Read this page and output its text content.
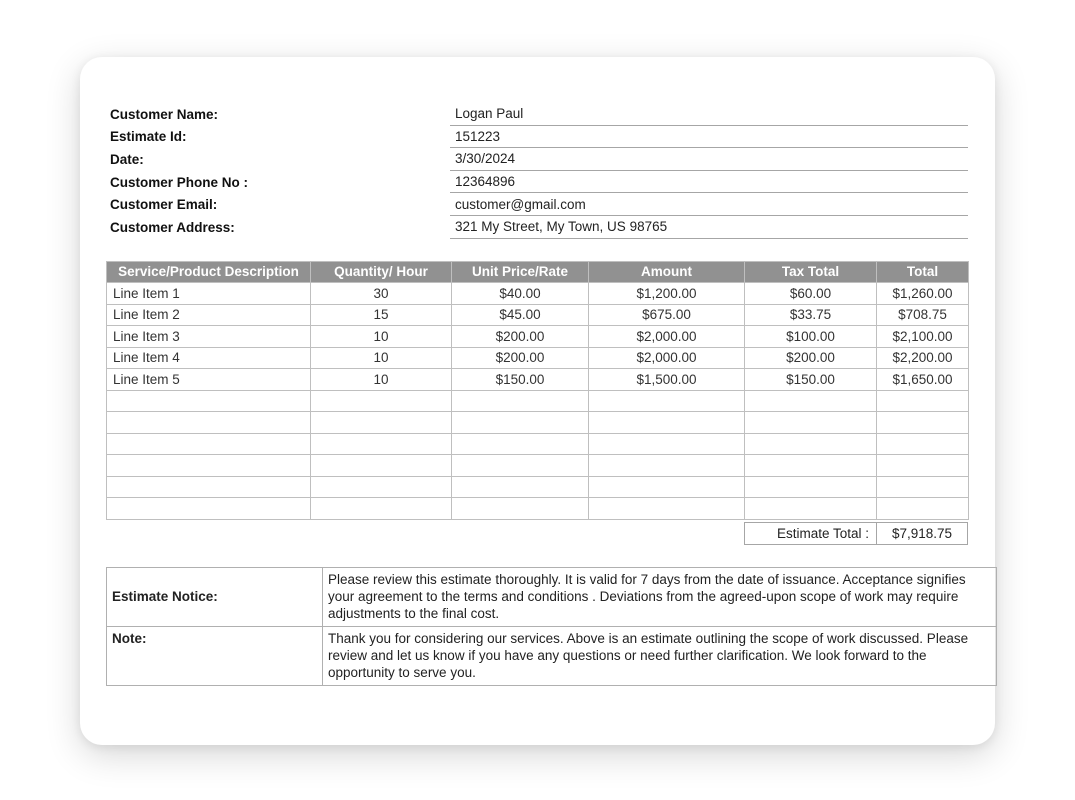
Customer Name:	Logan Paul
Estimate Id:	151223
Date:	3/30/2024
Customer Phone No :	12364896
Customer Email:	customer@gmail.com
Customer Address:	321 My Street, My Town, US 98765
Service/Product Description	Quantity/ Hour	Unit Price/Rate	Amount	Tax Total	Total
Line Item 1	30	$40.00	$1,200.00	$60.00	$1,260.00
Line Item 2	15	$45.00	$675.00	$33.75	$708.75
Line Item 3	10	$200.00	$2,000.00	$100.00	$2,100.00
Line Item 4	10	$200.00	$2,000.00	$200.00	$2,200.00
Line Item 5	10	$150.00	$1,500.00	$150.00	$1,650.00

Estimate Total :	$7,918.75
Estimate Notice:	Please review this estimate thoroughly. It is valid for 7 days from the date of issuance. Acceptance signifies your agreement to the terms and conditions . Deviations from the agreed-upon scope of work may require adjustments to the final cost.
Note:	Thank you for considering our services. Above is an estimate outlining the scope of work discussed. Please review and let us know if you have any questions or need further clarification. We look forward to the opportunity to serve you.
